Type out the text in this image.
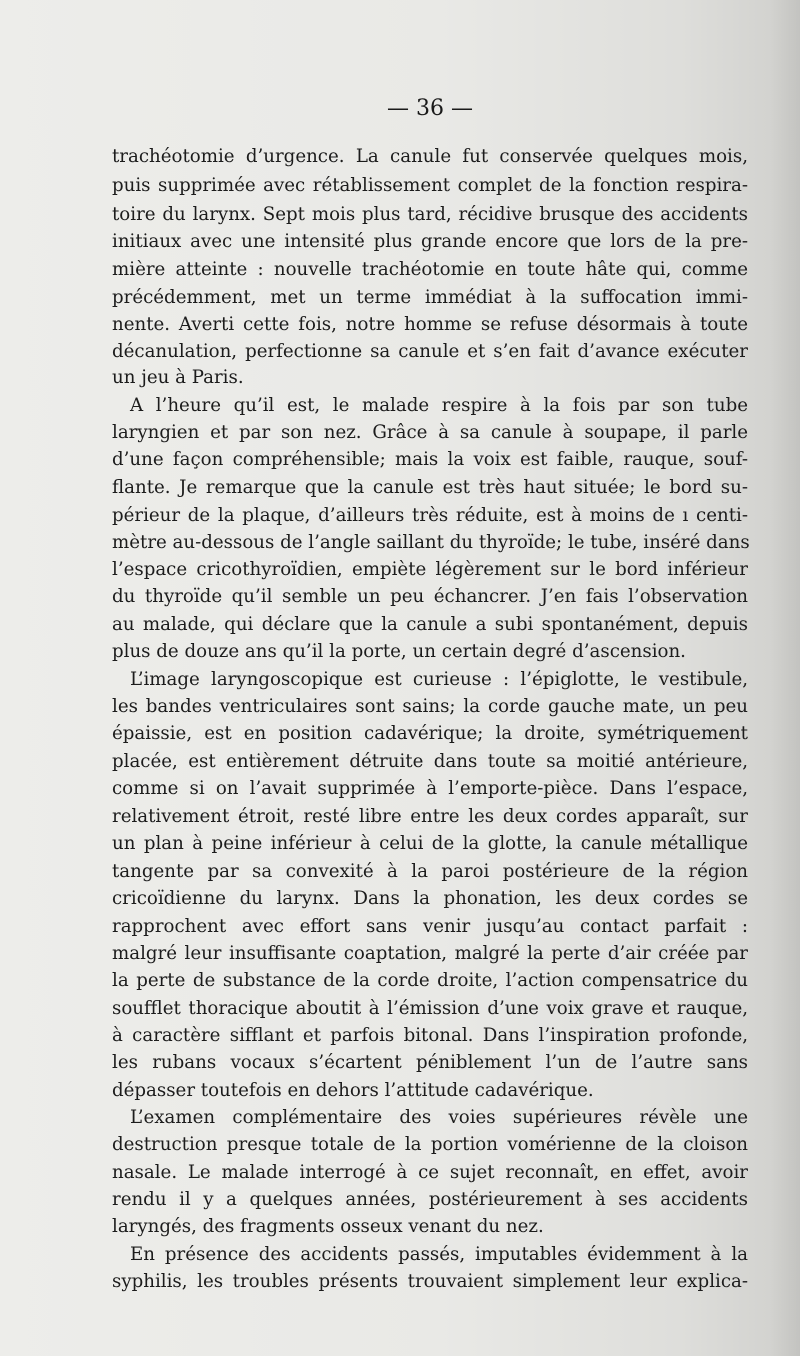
— 36 —
trachéotomie d’urgence. La canule fut conservée quelques mois,
puis supprimée avec rétablissement complet de la fonction respira-
toire du larynx. Sept mois plus tard, récidive brusque des accidents
initiaux avec une intensité plus grande encore que lors de la pre-
mière atteinte : nouvelle trachéotomie en toute hâte qui, comme
précédemment, met un terme immédiat à la suffocation immi-
nente. Averti cette fois, notre homme se refuse désormais à toute
décanulation, perfectionne sa canule et s’en fait d’avance exécuter
un jeu à Paris.
A l’heure qu’il est, le malade respire à la fois par son tube
laryngien et par son nez. Grâce à sa canule à soupape, il parle
d’une façon compréhensible; mais la voix est faible, rauque, souf-
flante. Je remarque que la canule est très haut située; le bord su-
périeur de la plaque, d’ailleurs très réduite, est à moins de ı centi-
mètre au-dessous de l’angle saillant du thyroïde; le tube, inséré dans
l’espace cricothyroïdien, empiète légèrement sur le bord inférieur
du thyroïde qu’il semble un peu échancrer. J’en fais l’observation
au malade, qui déclare que la canule a subi spontanément, depuis
plus de douze ans qu’il la porte, un certain degré d’ascension.
L’image laryngoscopique est curieuse : l’épiglotte, le vestibule,
les bandes ventriculaires sont sains; la corde gauche mate, un peu
épaissie, est en position cadavérique; la droite, symétriquement
placée, est entièrement détruite dans toute sa moitié antérieure,
comme si on l’avait supprimée à l’emporte-pièce. Dans l’espace,
relativement étroit, resté libre entre les deux cordes apparaît, sur
un plan à peine inférieur à celui de la glotte, la canule métallique
tangente par sa convexité à la paroi postérieure de la région
cricoïdienne du larynx. Dans la phonation, les deux cordes se
rapprochent avec effort sans venir jusqu’au contact parfait :
malgré leur insuffisante coaptation, malgré la perte d’air créée par
la perte de substance de la corde droite, l’action compensatrice du
soufflet thoracique aboutit à l’émission d’une voix grave et rauque,
à caractère sifflant et parfois bitonal. Dans l’inspiration profonde,
les rubans vocaux s’écartent péniblement l’un de l’autre sans
dépasser toutefois en dehors l’attitude cadavérique.
L’examen complémentaire des voies supérieures révèle une
destruction presque totale de la portion vomérienne de la cloison
nasale. Le malade interrogé à ce sujet reconnaît, en effet, avoir
rendu il y a quelques années, postérieurement à ses accidents
laryngés, des fragments osseux venant du nez.
En présence des accidents passés, imputables évidemment à la
syphilis, les troubles présents trouvaient simplement leur explica-
